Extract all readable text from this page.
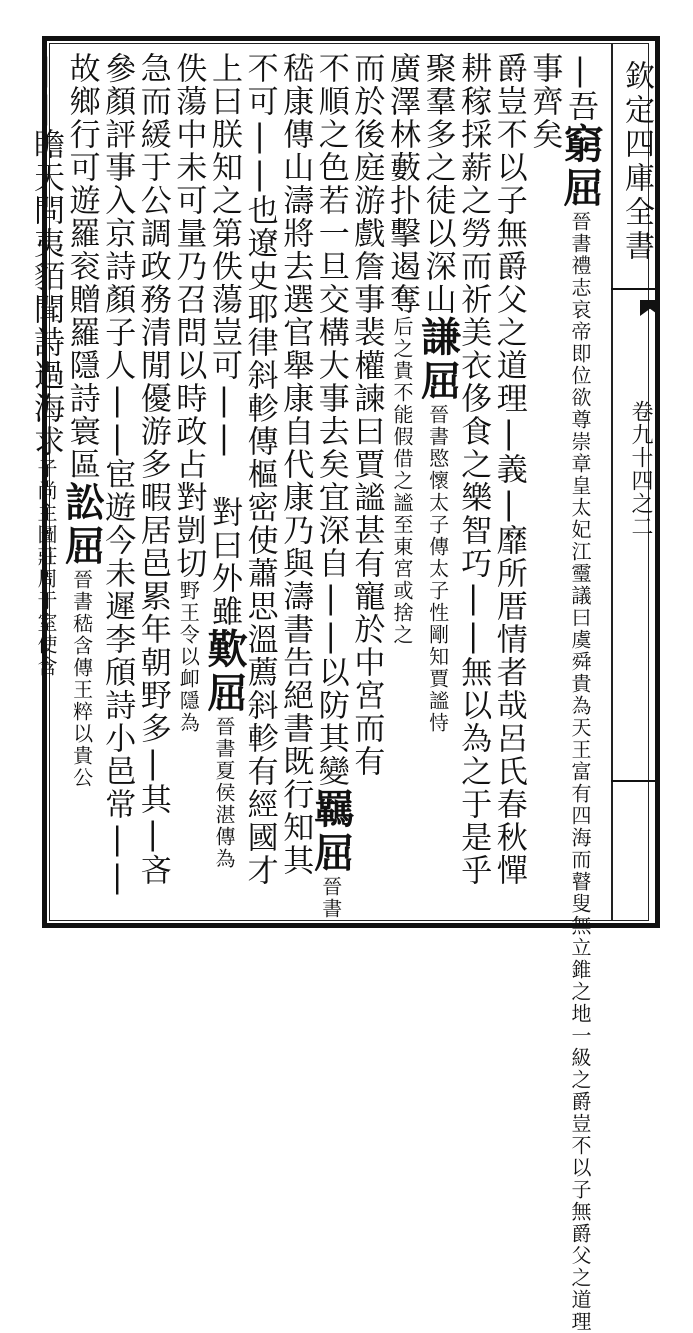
欽定四庫全書
卷九十四之二
|吾窮屈晉書禮志哀帝即位欲尊崇章皇太妃江𩆜議曰虞舜貴為天王富有四海而瞽叟無立錐之地一級之爵豈不以子無爵父之道理
事齊矣
爵豈不以子無爵父之道理|義|靡所厝情者哉呂氏春秋憚
耕稼採薪之勞而祈美衣侈食之樂智巧||無以為之于是乎
聚羣多之徒以深山謙屈晉書愍懷太子傳太子性剛知賈謐恃
廣澤林藪扑擊遏奪后之貴不能假借之謐至東宮或捨之
而於後庭游戲詹事裴權諫曰賈謐甚有寵於中宮而有
不順之色若一旦交構大事去矣宜深自||以防其變羈屈晉書
嵇康傳山濤將去選官舉康自代康乃與濤書告絕書既行知其
不可||也遼史耶律斜軫傳樞密使蕭思溫薦斜軫有經國才
上曰朕知之第佚蕩豈可|| 對曰外雖歎屈晉書夏侯湛傳為
佚蕩中未可量乃召問以時政占對剴切野王令以卹隱為
急而緩于公調政務清閒優游多暇居邑累年朝野多|其|吝
參顏評事入京詩顏子人||宦遊今未遲李頎詩小邑常||
故鄉行可遊羅衮贈羅隱詩寰區訟屈晉書嵇含傳王粹以貴公
||瞻天問夷貊聞詩過海求子尚主圖莊周于室使含
